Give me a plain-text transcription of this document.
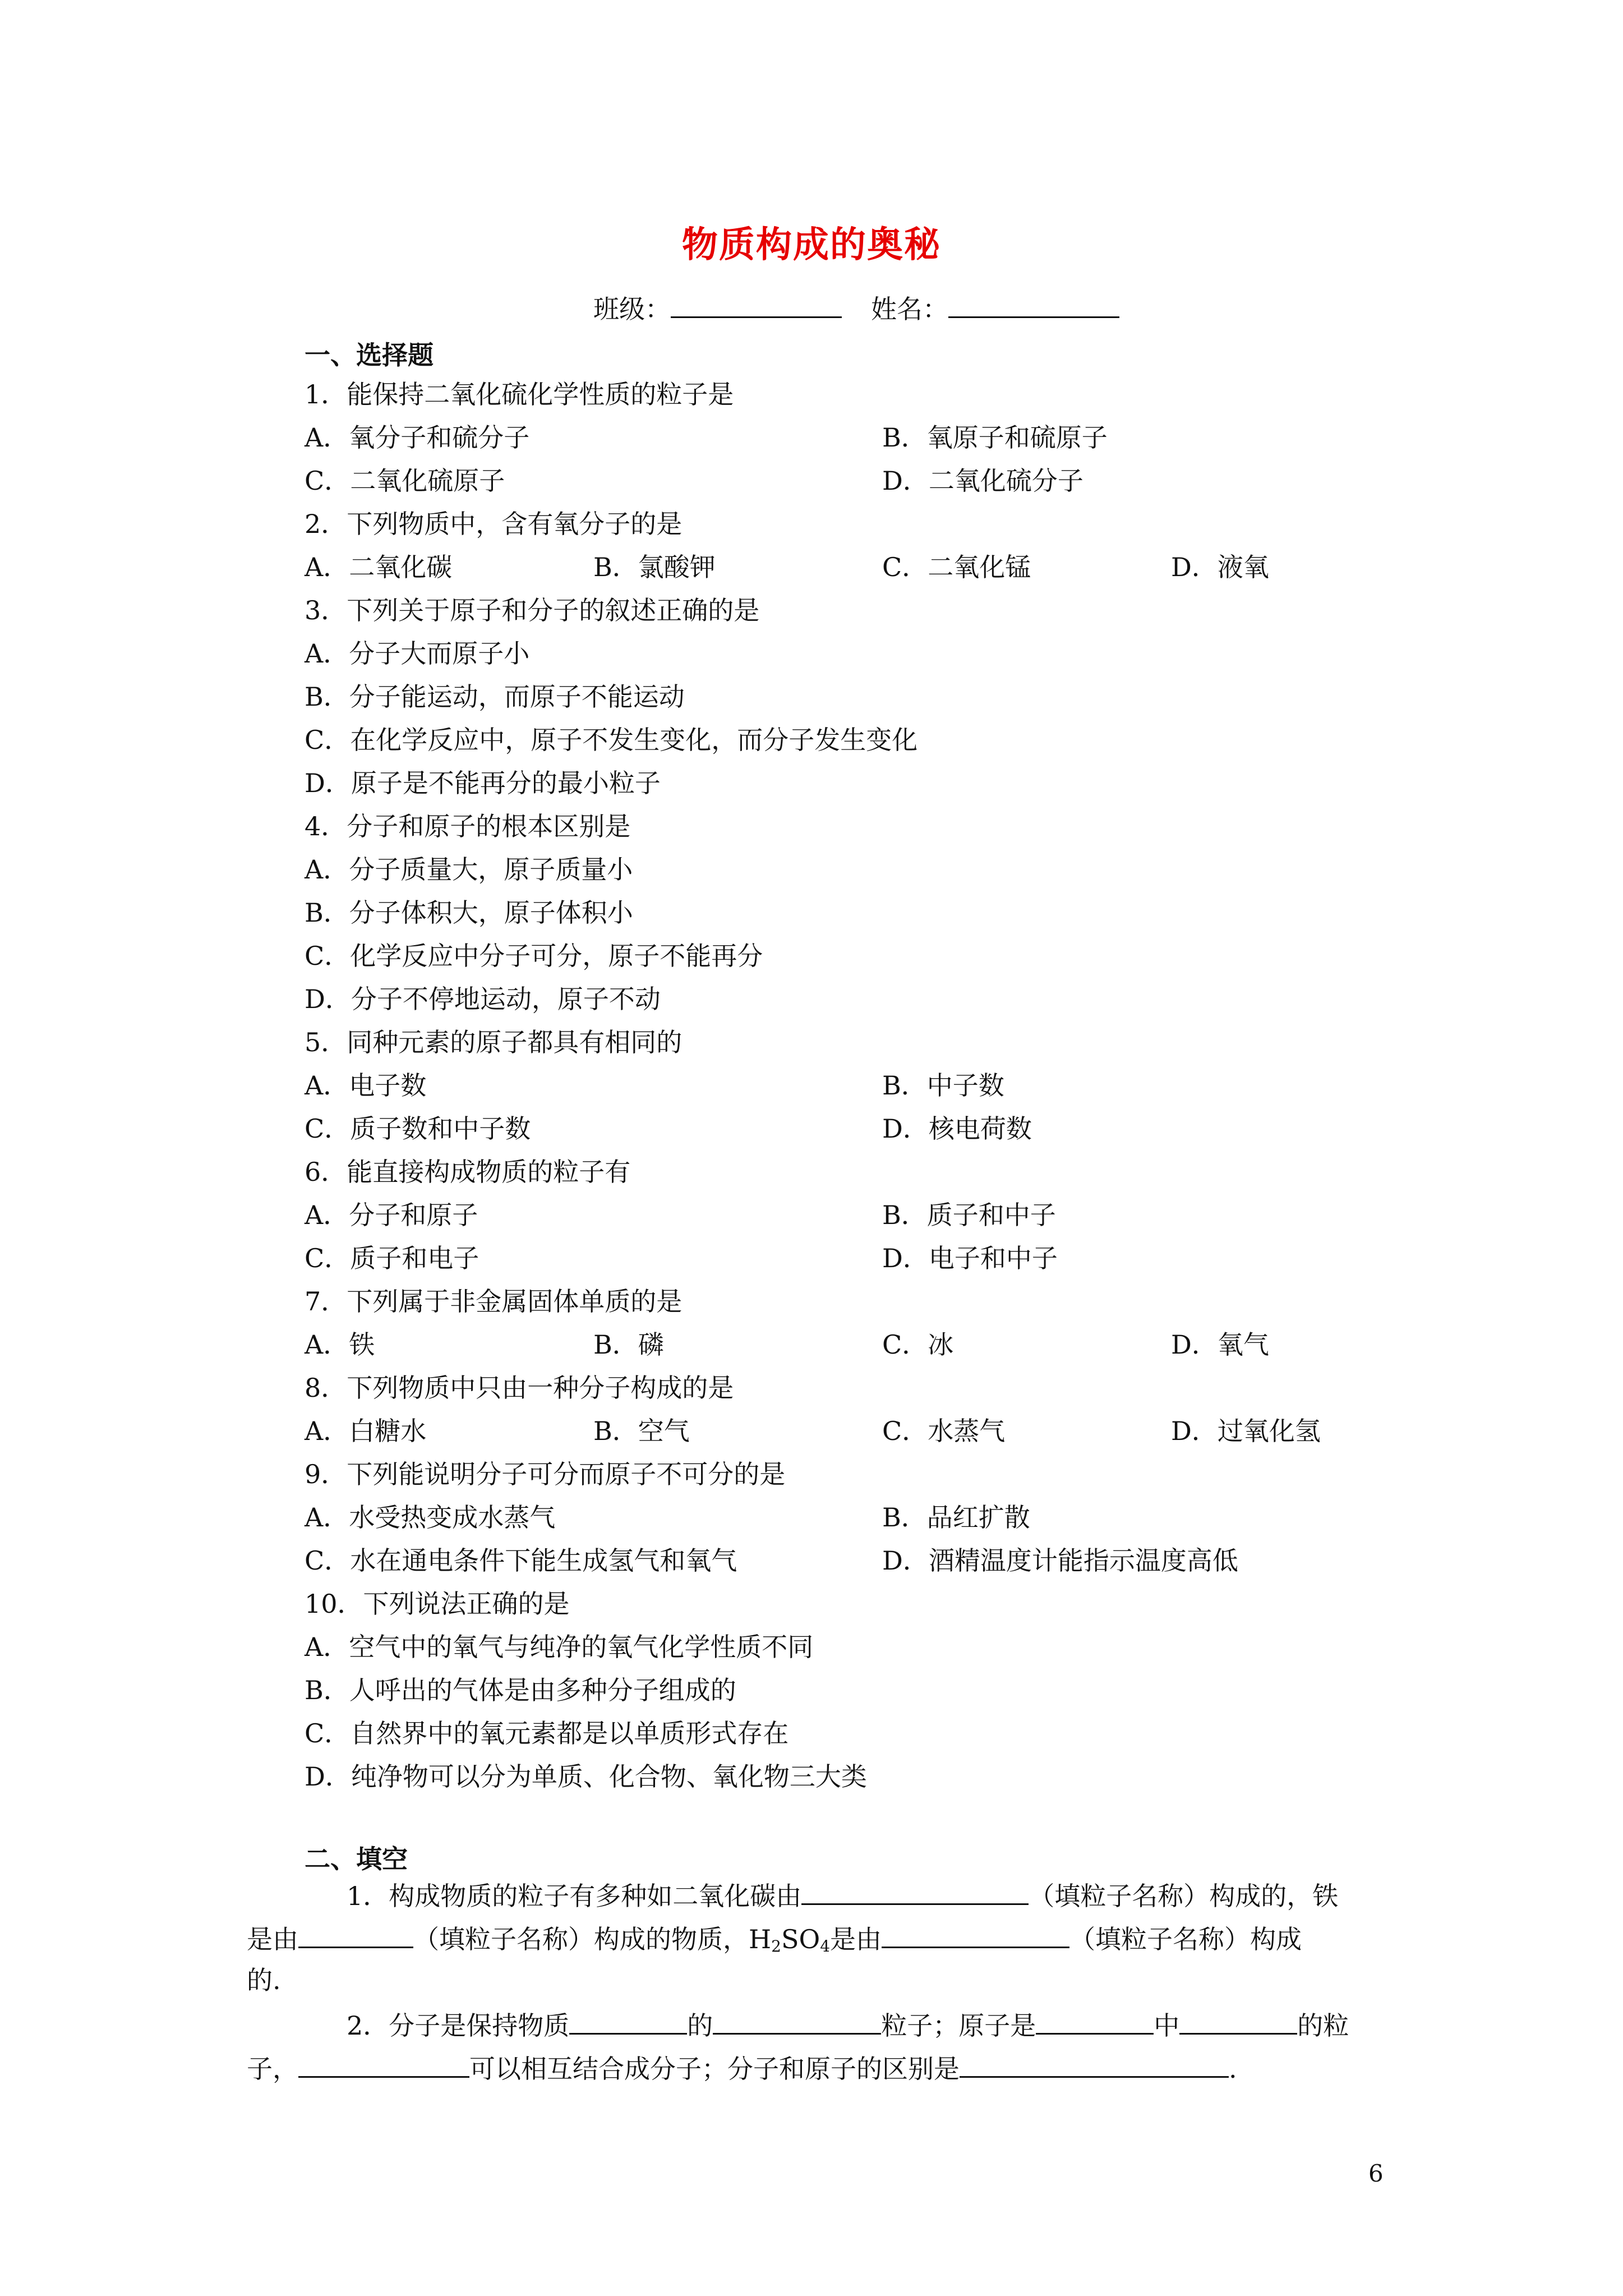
物质构成的奥秘
班级：	姓名：
一、选择题
1．能保持二氧化硫化学性质的粒子是
A．氧分子和硫分子	B．氧原子和硫原子
C．二氧化硫原子	D．二氧化硫分子
2．下列物质中，含有氧分子的是
A．二氧化碳	B．氯酸钾	C．二氧化锰	D．液氧
3．下列关于原子和分子的叙述正确的是
A．分子大而原子小
B．分子能运动，而原子不能运动
C．在化学反应中，原子不发生变化，而分子发生变化
D．原子是不能再分的最小粒子
4．分子和原子的根本区别是
A．分子质量大，原子质量小
B．分子体积大，原子体积小
C．化学反应中分子可分，原子不能再分
D．分子不停地运动，原子不动
5．同种元素的原子都具有相同的
A．电子数	B．中子数
C．质子数和中子数	D．核电荷数
6．能直接构成物质的粒子有
A．分子和原子	B．质子和中子
C．质子和电子	D．电子和中子
7．下列属于非金属固体单质的是
A．铁	B．磷	C．冰	D．氧气
8．下列物质中只由一种分子构成的是
A．白糖水	B．空气	C．水蒸气	D．过氧化氢
9．下列能说明分子可分而原子不可分的是
A．水受热变成水蒸气	B．品红扩散
C．水在通电条件下能生成氢气和氧气	D．酒精温度计能指示温度高低
10．下列说法正确的是
A．空气中的氧气与纯净的氧气化学性质不同
B．人呼出的气体是由多种分子组成的
C．自然界中的氧元素都是以单质形式存在
D．纯净物可以分为单质、化合物、氧化物三大类
二、填空
1．构成物质的粒子有多种如二氧化碳由	（填粒子名称）构成的，铁
是由	（填粒子名称）构成的物质，$H_2SO_4$是由	（填粒子名称）构成
的.
2．分子是保持物质	的	粒子；原子是	中	的粒
子，	可以相互结合成分子；分子和原子的区别是	.
6
